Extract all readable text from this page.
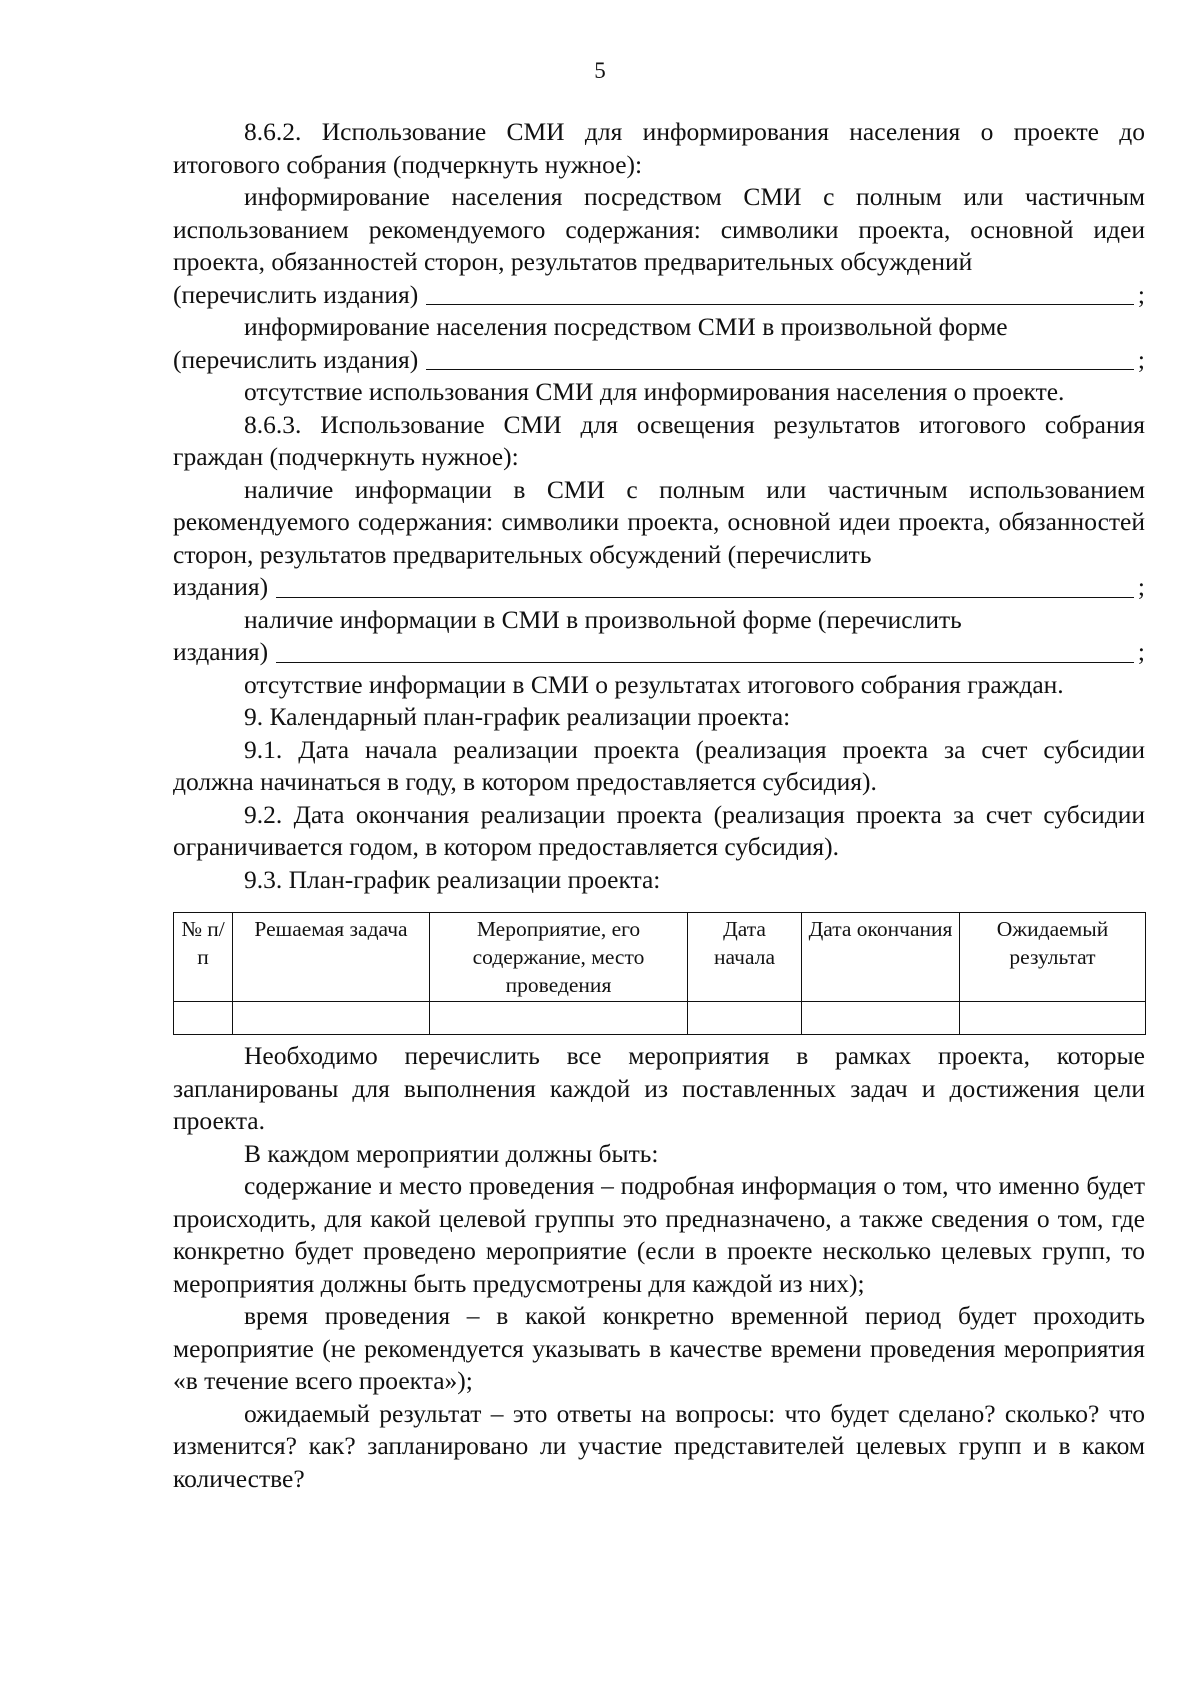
5

8.6.2. Использование СМИ для информирования населения о проекте до итогового собрания (подчеркнуть нужное):

информирование населения посредством СМИ с полным или частичным использованием рекомендуемого содержания: символики проекта, основной идеи проекта, обязанностей сторон, результатов предварительных обсуждений

(перечислить издания)	;

информирование населения посредством СМИ в произвольной форме

(перечислить издания)	;

отсутствие использования СМИ для информирования населения о проекте.

8.6.3. Использование СМИ для освещения результатов итогового собрания граждан (подчеркнуть нужное):

наличие информации в СМИ с полным или частичным использованием рекомендуемого содержания: символики проекта, основной идеи проекта, обязанностей сторон, результатов предварительных обсуждений (перечислить

издания)	;

наличие информации в СМИ в произвольной форме (перечислить

издания)	;

отсутствие информации в СМИ о результатах итогового собрания граждан.

9. Календарный план-график реализации проекта:

9.1. Дата начала реализации проекта (реализация проекта за счет субсидии должна начинаться в году, в котором предоставляется субсидия).

9.2. Дата окончания реализации проекта (реализация проекта за счет субсидии ограничивается годом, в котором предоставляется субсидия).

9.3. План-график реализации проекта:

№ п/п	Решаемая задача	Мероприятие, его содержание, место проведения	Дата начала	Дата окончания	Ожидаемый результат

Необходимо перечислить все мероприятия в рамках проекта, которые запланированы для выполнения каждой из поставленных задач и достижения цели проекта.

В каждом мероприятии должны быть:

содержание и место проведения – подробная информация о том, что именно будет происходить, для какой целевой группы это предназначено, а также сведения о том, где конкретно будет проведено мероприятие (если в проекте несколько целевых групп, то мероприятия должны быть предусмотрены для каждой из них);

время проведения – в какой конкретно временной период будет проходить мероприятие (не рекомендуется указывать в качестве времени проведения мероприятия «в течение всего проекта»);

ожидаемый результат – это ответы на вопросы: что будет сделано? сколько? что изменится? как? запланировано ли участие представителей целевых групп и в каком количестве?
